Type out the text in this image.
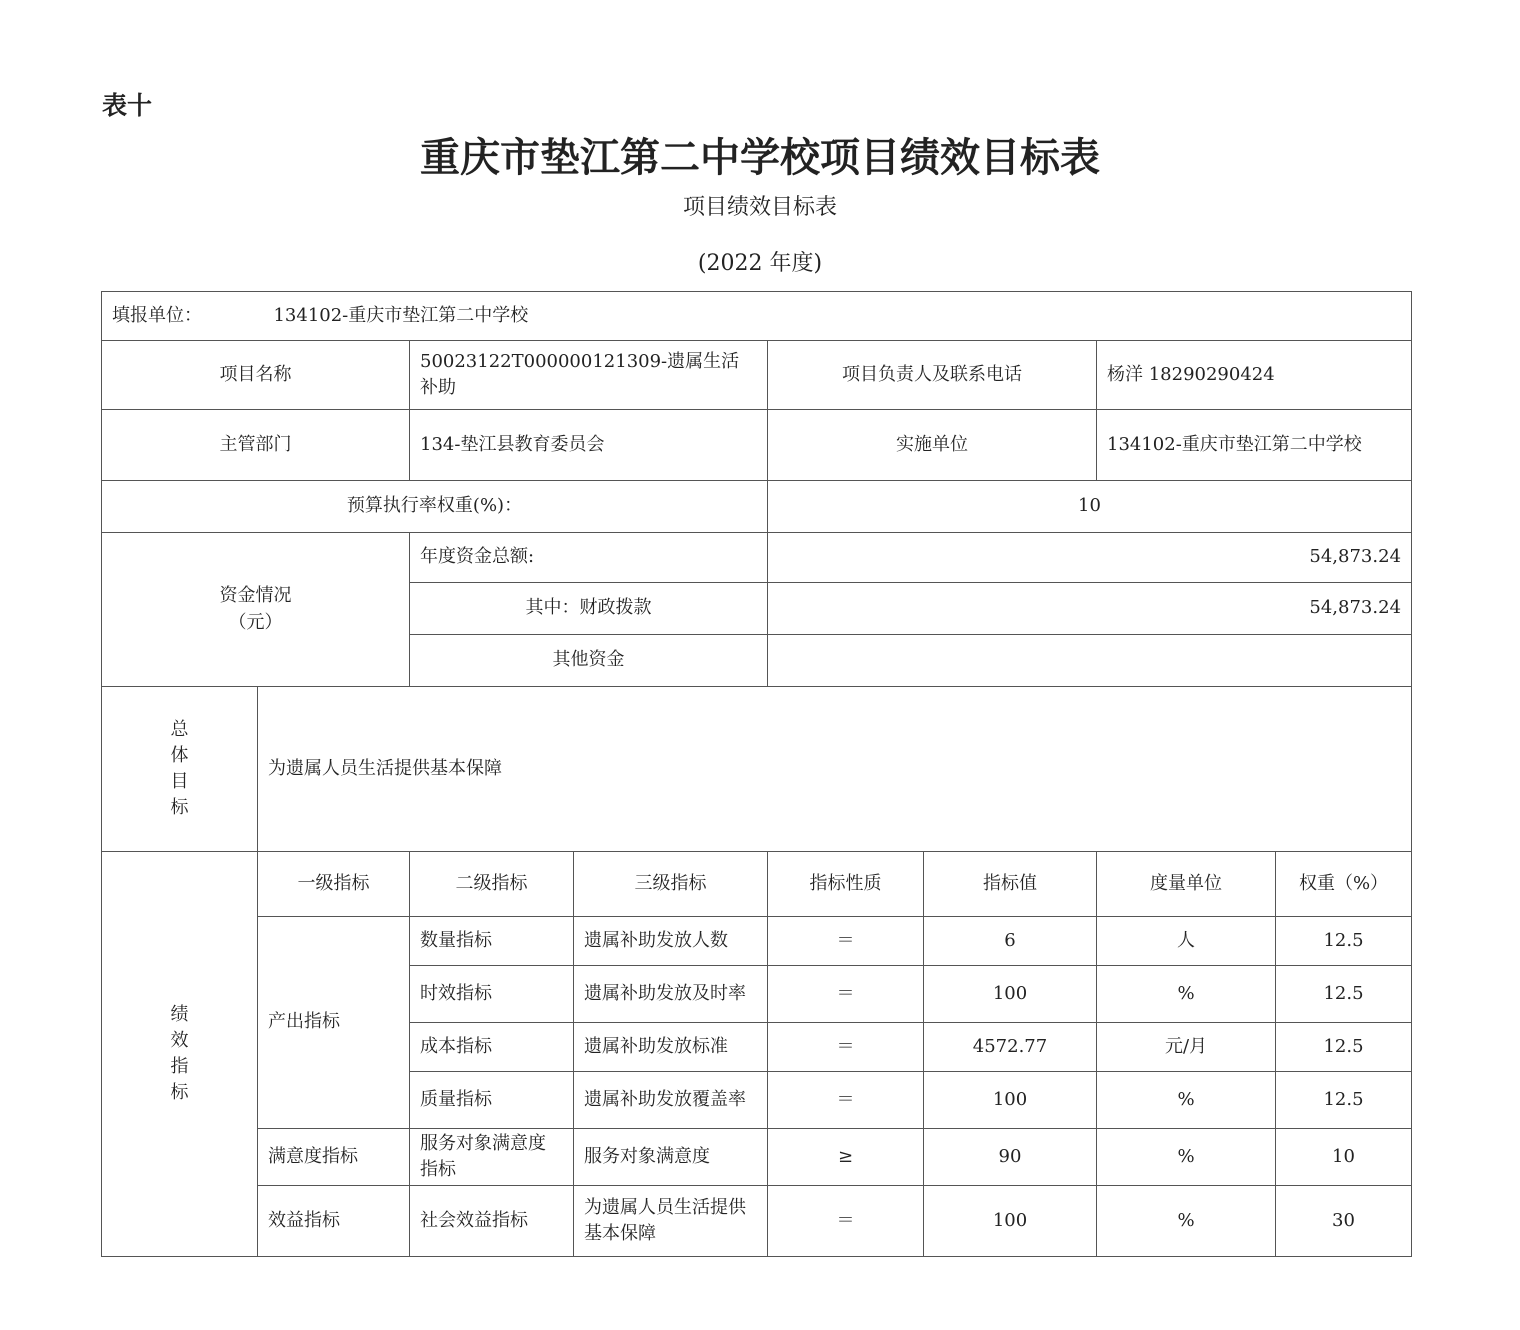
表十
重庆市垫江第二中学校项目绩效目标表
项目绩效目标表
(2022 年度)
填报单位： 134102-重庆市垫江第二中学校							
项目名称		50023122T000000121309-遗属生活补助		项目负责人及联系电话		杨洋 18290290424	
主管部门		134-垫江县教育委员会		实施单位		134102-重庆市垫江第二中学校	
预算执行率权重(%)：				10			

资金情况
（元）		年度资金总额:		54,873.24			
		其中：财政拨款		54,873.24			
		其他资金					

总
体
目
标	为遗属人员生活提供基本保障						

绩
效
指
标	一级指标	二级指标	三级指标	指标性质	指标值	度量单位	权重（%）
	产出指标	数量指标	遗属补助发放人数	＝	6	人	12.5
		时效指标	遗属补助发放及时率	＝	100	%	12.5
		成本指标	遗属补助发放标准	＝	4572.77	元/月	12.5
		质量指标	遗属补助发放覆盖率	＝	100	%	12.5
	满意度指标	服务对象满意度指标	服务对象满意度	≥	90	%	10
	效益指标	社会效益指标	为遗属人员生活提供基本保障	＝	100	%	30
